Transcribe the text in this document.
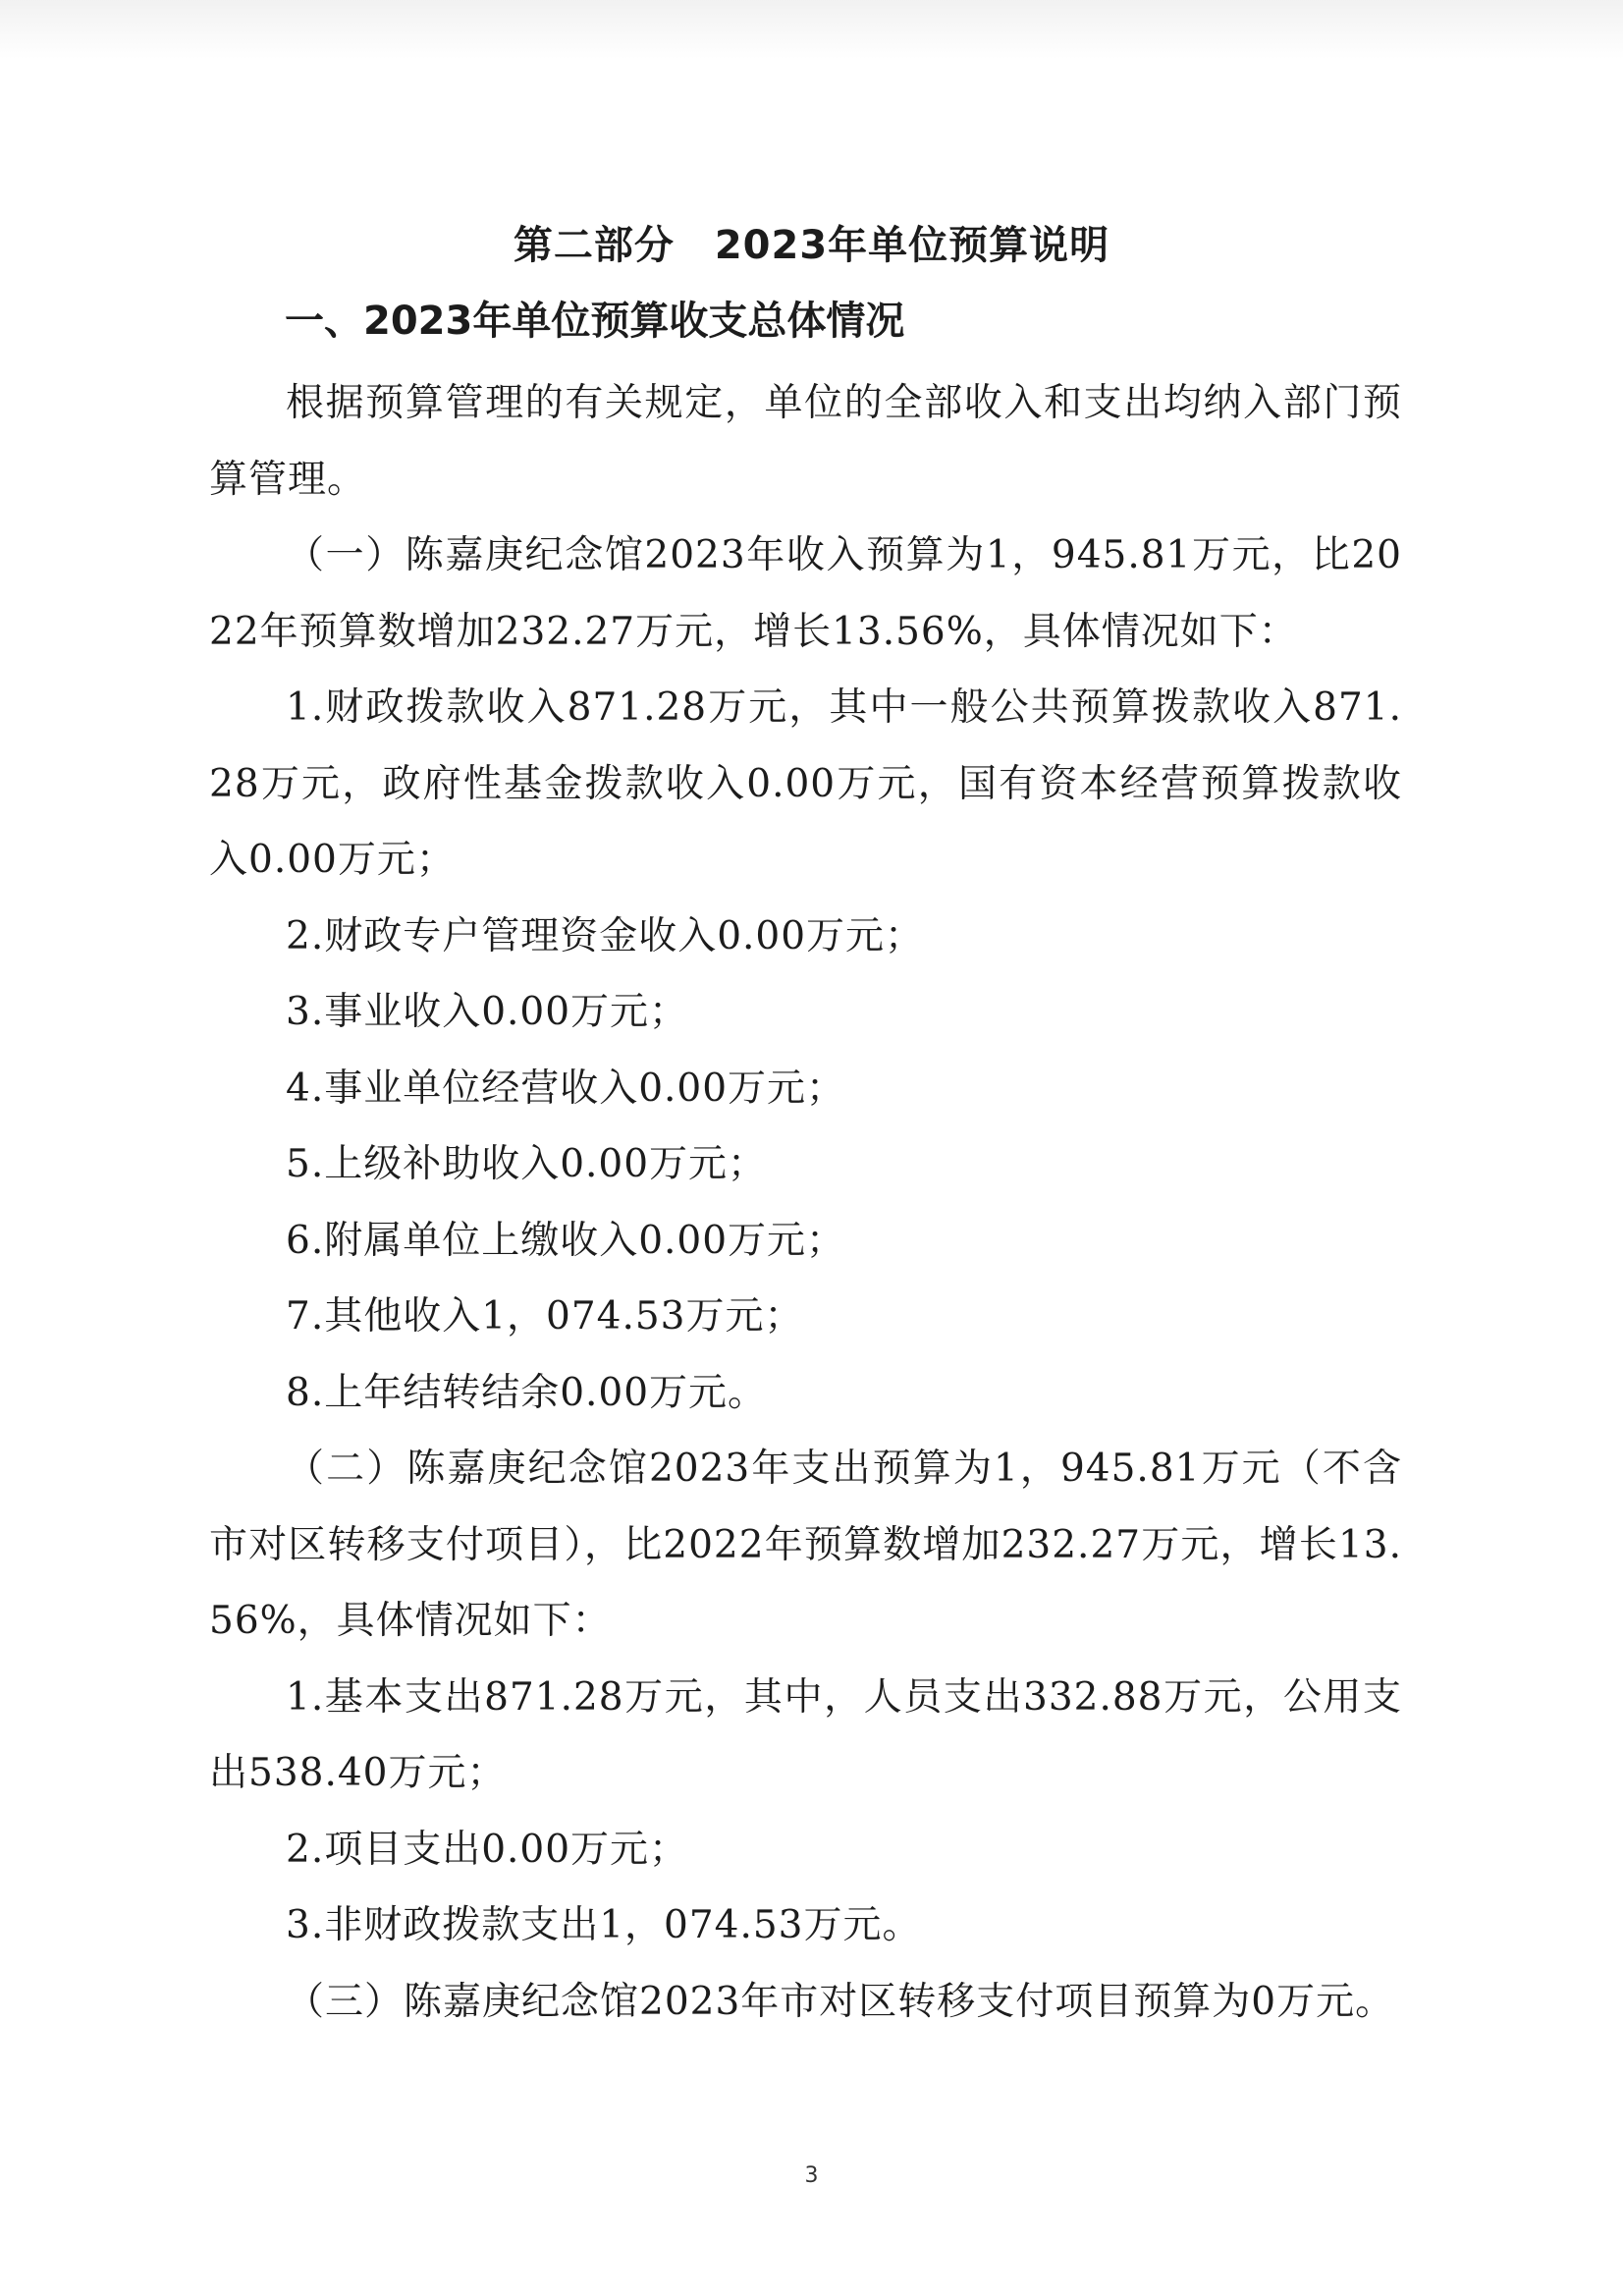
第二部分　2023年单位预算说明
一、2023年单位预算收支总体情况

根据预算管理的有关规定，单位的全部收入和支出均纳入部门预算管理。

（一）陈嘉庚纪念馆2023年收入预算为1，945.81万元，比2022年预算数增加232.27万元，增长13.56%，具体情况如下：

1.财政拨款收入871.28万元，其中一般公共预算拨款收入871.28万元，政府性基金拨款收入0.00万元，国有资本经营预算拨款收入0.00万元；

2.财政专户管理资金收入0.00万元；

3.事业收入0.00万元；

4.事业单位经营收入0.00万元；

5.上级补助收入0.00万元；

6.附属单位上缴收入0.00万元；

7.其他收入1，074.53万元；

8.上年结转结余0.00万元。

（二）陈嘉庚纪念馆2023年支出预算为1，945.81万元（不含市对区转移支付项目），比2022年预算数增加232.27万元，增长13.56%，具体情况如下：

1.基本支出871.28万元，其中，人员支出332.88万元，公用支出538.40万元；

2.项目支出0.00万元；

3.非财政拨款支出1，074.53万元。

（三）陈嘉庚纪念馆2023年市对区转移支付项目预算为0万元。

3
